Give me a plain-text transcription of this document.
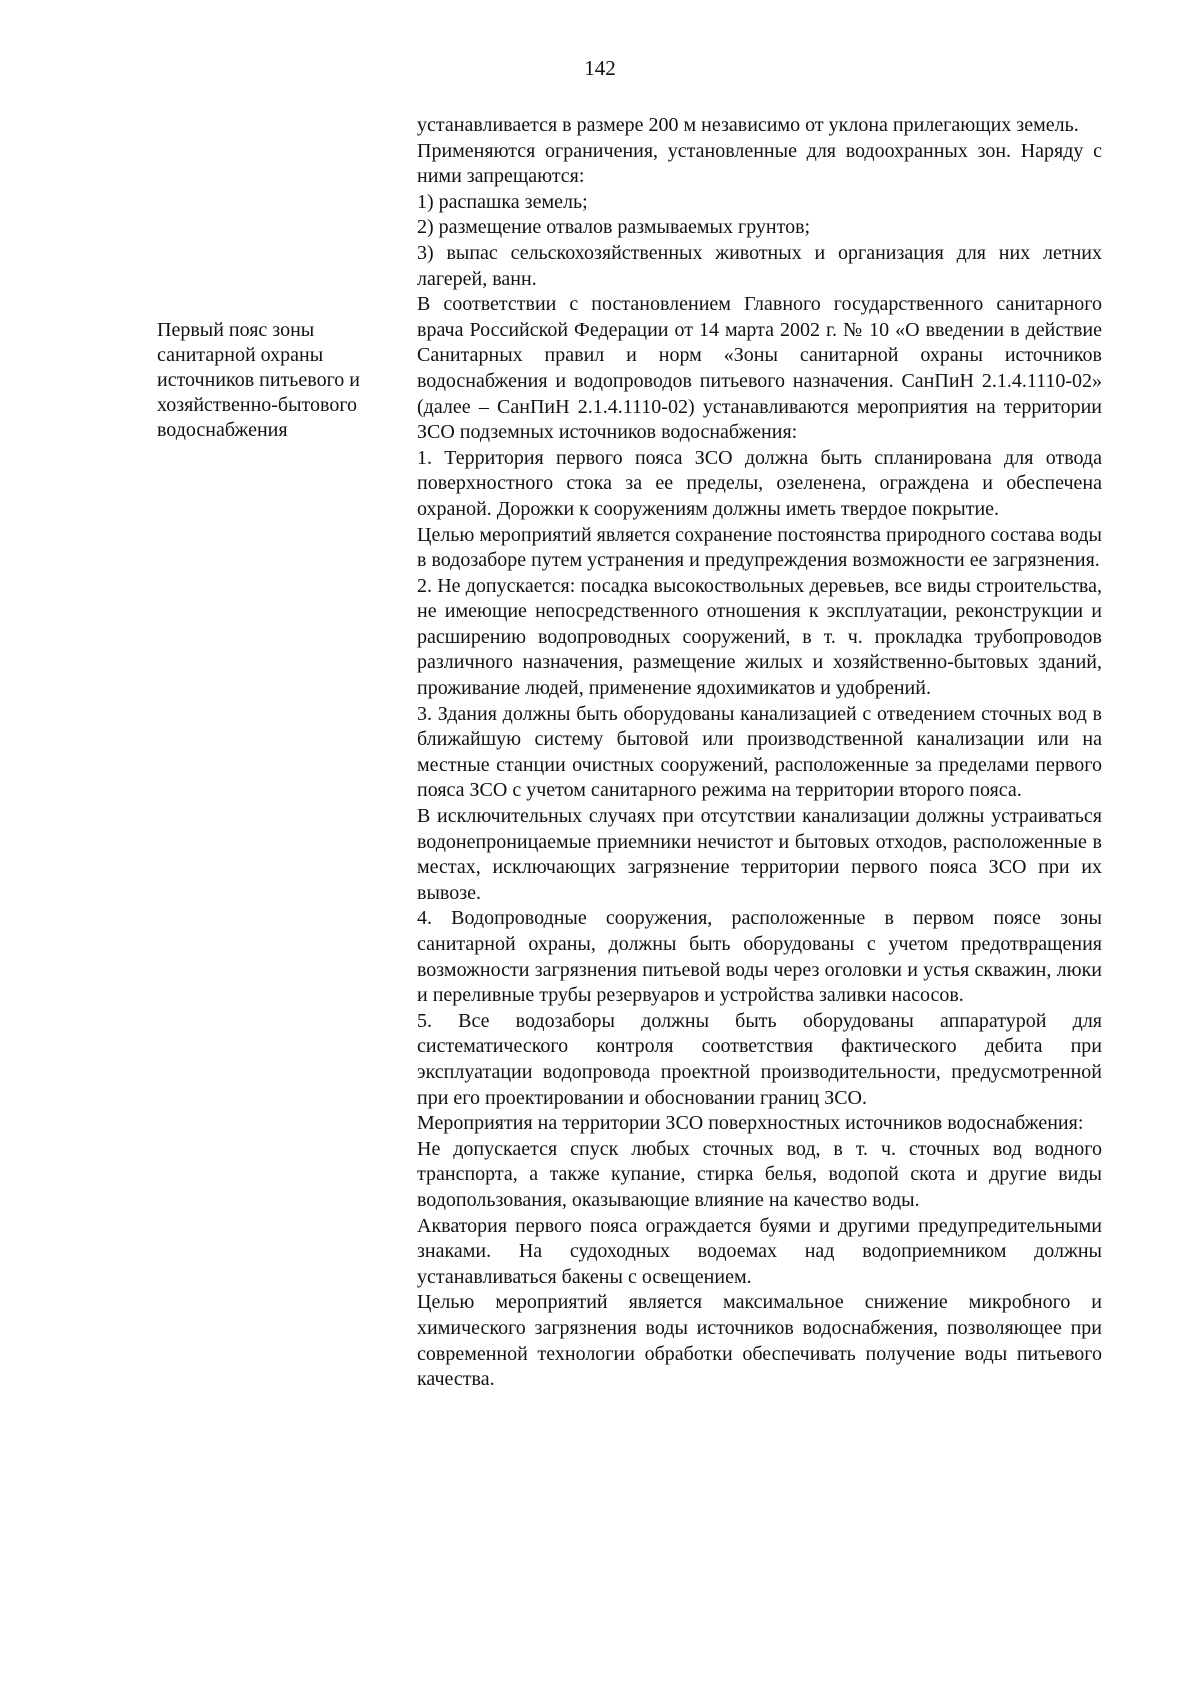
142
Первый пояс зоны
санитарной охраны
источников питьевого и
хозяйственно-бытового
водоснабжения

устанавливается в размере 200 м независимо от уклона прилегающих земель.

Применяются ограничения, установленные для водоохранных зон. Наряду с ними запрещаются:

1) распашка земель;

2) размещение отвалов размываемых грунтов;

3) выпас сельскохозяйственных животных и организация для них летних лагерей, ванн.

В соответствии с постановлением Главного государственного санитарного врача Российской Федерации от 14 марта 2002 г. № 10 «О введении в действие Санитарных правил и норм «Зоны санитарной охраны источников водоснабжения и водопроводов питьевого назначения. СанПиН 2.1.4.1110-02» (далее – СанПиН 2.1.4.1110-02) устанавливаются мероприятия на территории ЗСО подземных источников водоснабжения:

1. Территория первого пояса ЗСО должна быть спланирована для отвода поверхностного стока за ее пределы, озеленена, ограждена и обеспечена охраной. Дорожки к сооружениям должны иметь твердое покрытие.

Целью мероприятий является сохранение постоянства природного состава воды в водозаборе путем устранения и предупреждения возможности ее загрязнения.

2. Не допускается: посадка высокоствольных деревьев, все виды строительства, не имеющие непосредственного отношения к эксплуатации, реконструкции и расширению водопроводных сооружений, в т. ч. прокладка трубопроводов различного назначения, размещение жилых и хозяйственно-бытовых зданий, проживание людей, применение ядохимикатов и удобрений.

3. Здания должны быть оборудованы канализацией с отведением сточных вод в ближайшую систему бытовой или производственной канализации или на местные станции очистных сооружений, расположенные за пределами первого пояса ЗСО с учетом санитарного режима на территории второго пояса.

В исключительных случаях при отсутствии канализации должны устраиваться водонепроницаемые приемники нечистот и бытовых отходов, расположенные в местах, исключающих загрязнение территории первого пояса ЗСО при их вывозе.

4. Водопроводные сооружения, расположенные в первом поясе зоны санитарной охраны, должны быть оборудованы с учетом предотвращения возможности загрязнения питьевой воды через оголовки и устья скважин, люки и переливные трубы резервуаров и устройства заливки насосов.

5. Все водозаборы должны быть оборудованы аппаратурой для систематического контроля соответствия фактического дебита при эксплуатации водопровода проектной производительности, предусмотренной при его проектировании и обосновании границ ЗСО.

Мероприятия на территории ЗСО поверхностных источников водоснабжения:

Не допускается спуск любых сточных вод, в т. ч. сточных вод водного транспорта, а также купание, стирка белья, водопой скота и другие виды водопользования, оказывающие влияние на качество воды.

Акватория первого пояса ограждается буями и другими предупредительными знаками. На судоходных водоемах над водоприемником должны устанавливаться бакены с освещением.

Целью мероприятий является максимальное снижение микробного и химического загрязнения воды источников водоснабжения, позволяющее при современной технологии обработки обеспечивать получение воды питьевого качества.
